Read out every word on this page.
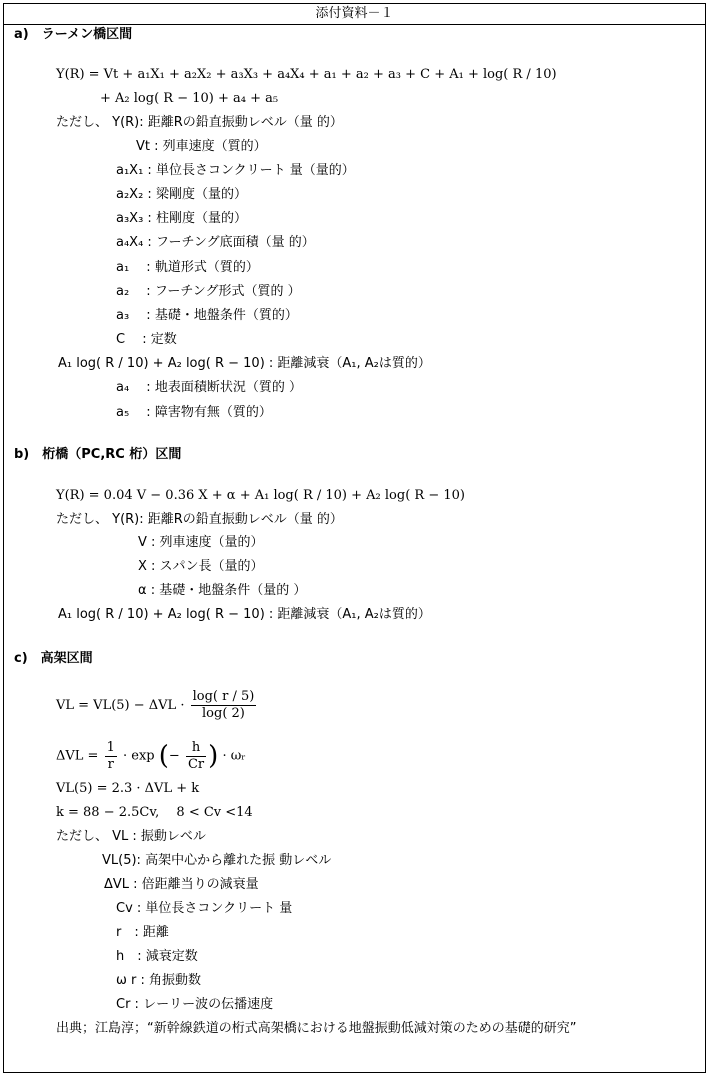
添付資料－１
a)　ラーメン橋区間
Y(R) = Vt + a₁X₁ + a₂X₂ + a₃X₃ + a₄X₄ + a₁ + a₂ + a₃ + C + A₁ + log( R / 10)
+ A₂ log( R − 10) + a₄ + a₅
ただし、 Y(R): 距離Rの鉛直振動レベル（量 的）
Vt : 列車速度（質的）
a₁X₁ : 単位長さコンクリート 量（量的）
a₂X₂ : 梁剛度（量的）
a₃X₃ : 柱剛度（量的）
a₄X₄ : フーチング底面積（量 的）
a₁　 : 軌道形式（質的）
a₂　 : フーチング形式（質的 ）
a₃　 : 基礎・地盤条件（質的）
C　 : 定数
A₁ log( R / 10) + A₂ log( R − 10) : 距離減衰（A₁, A₂は質的）
a₄　 : 地表面積断状況（質的 ）
a₅　 : 障害物有無（質的）
b)　桁橋（PC,RC 桁）区間
Y(R) = 0.04 V − 0.36 X + α + A₁ log( R / 10) + A₂ log( R − 10)
ただし、 Y(R): 距離Rの鉛直振動レベル（量 的）
V : 列車速度（量的）
X : スパン長（量的）
α : 基礎・地盤条件（量的 ）
A₁ log( R / 10) + A₂ log( R − 10) : 距離減衰（A₁, A₂は質的）
c)　高架区間
VL = $VL(5) - \Delta VL \cdot \frac{\log( r / 5)}{\log( 2)}$
$\Delta VL = \frac{1}{r} \cdot \exp$ (− $\frac{h}{Cr}$ ) · ωᵣ
VL(5) = 2.3 · ΔVL + k
k = 88 − 2.5Cv,　 8 < Cv <14
ただし、 VL : 振動レベル
VL(5): 高架中心から離れた振 動レベル
ΔVL : 倍距離当りの減衰量
Cv : 単位長さコンクリート 量
r　: 距離
h　: 減衰定数
ω r : 角振動数
Cr : レーリー波の伝播速度
出典；江島淳；“新幹線鉄道の桁式高架橋における地盤振動低減対策のための基礎的研究”
